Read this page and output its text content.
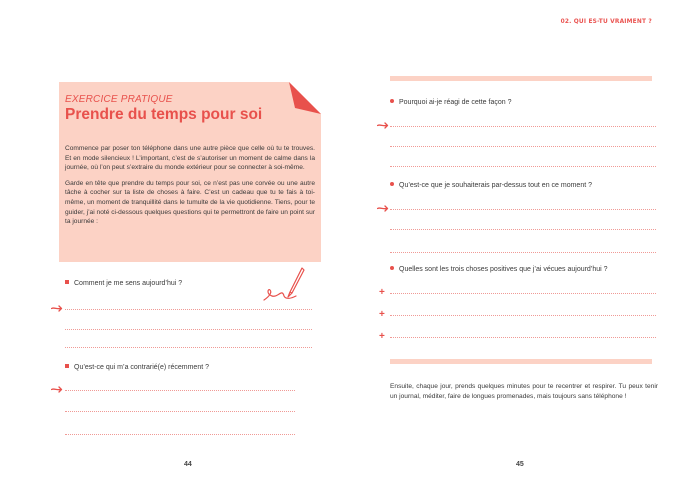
EXERCICE PRATIQUE
Prendre du temps pour soi

Commence par poser ton téléphone dans une autre pièce que celle où tu te trouves. Et en mode silencieux ! L’important, c’est de s’autoriser un moment de calme dans la journée, où l’on peut s’extraire du monde extérieur pour se connecter à soi-même.

Garde en tête que prendre du temps pour soi, ce n’est pas une corvée ou une autre tâche à cocher sur ta liste de choses à faire. C’est un cadeau que tu te fais à toi-même, un moment de tranquillité dans le tumulte de la vie quotidienne. Tiens, pour te guider, j’ai noté ci-dessous quelques questions qui te permettront de faire un point sur ta journée :

Comment je me sens aujourd’hui ?
Qu’est-ce qui m’a contrarié(e) récemment ?
44
Pourquoi ai-je réagi de cette façon ?
Qu’est-ce que je souhaiterais par-dessus tout en ce moment ?
Quelles sont les trois choses positives que j’ai vécues aujourd’hui ?
+
+
+
Ensuite, chaque jour, prends quelques minutes pour te recentrer et respirer. Tu peux tenir un journal, méditer, faire de longues promenades, mais toujours sans téléphone !
45
02. QUI ES-TU VRAIMENT ?
